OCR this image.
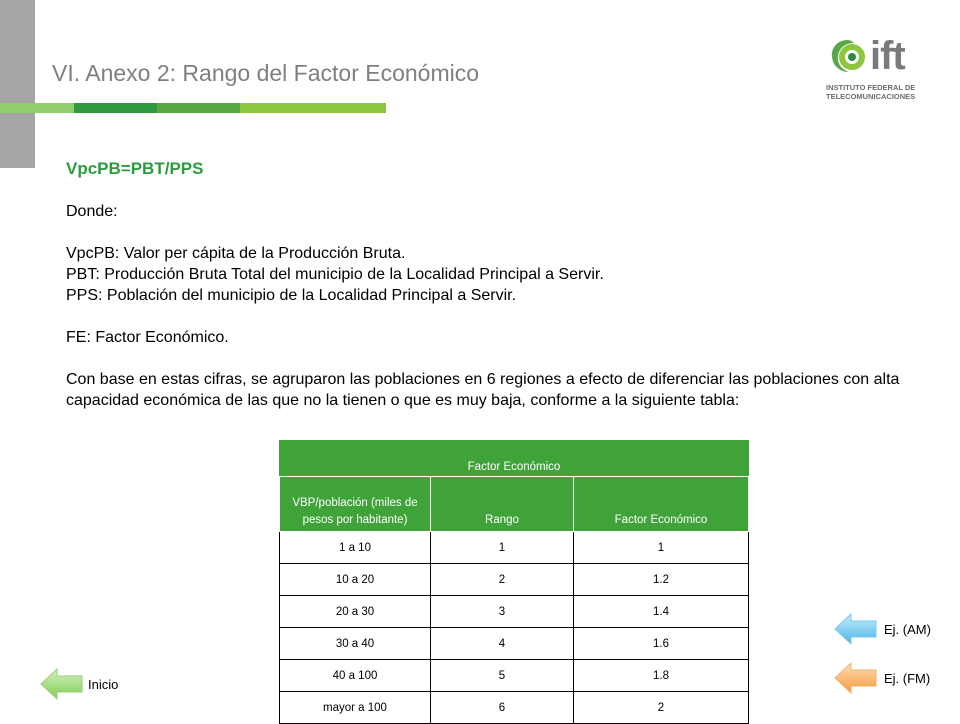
VI. Anexo 2: Rango del Factor Económico	ift
INSTITUTO FEDERAL DE
TELECOMUNICACIONES

VpcPB=PBT/PPS

Donde:

VpcPB: Valor per cápita de la Producción Bruta.

PBT: Producción Bruta Total del municipio de la Localidad Principal a Servir.

PPS: Población del municipio de la Localidad Principal a Servir.

FE: Factor Económico.

Con base en estas cifras, se agruparon las poblaciones en 6 regiones a efecto de diferenciar las poblaciones con alta capacidad económica de las que no la tienen o que es muy baja, conforme a la siguiente tabla:

Factor Económico		
VBP/población (miles de pesos por habitante)	Rango	Factor Económico
1 a 10	1	1
10 a 20	2	1.2
20 a 30	3	1.4
30 a 40	4	1.6
40 a 100	5	1.8
mayor a 100	6	2
Inicio
Ej. (AM)
Ej. (FM)
